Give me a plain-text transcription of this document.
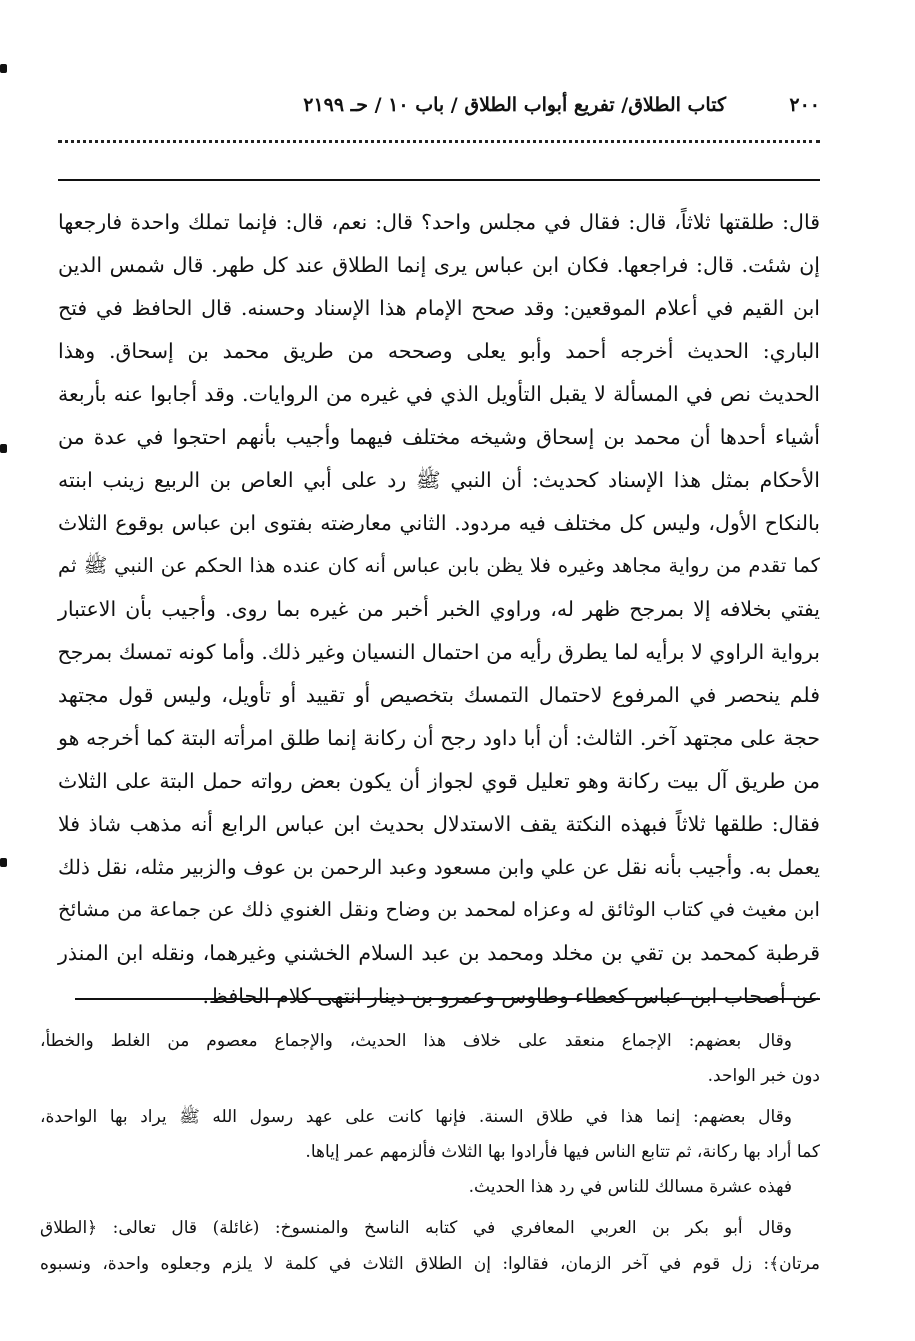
٢٠٠
كتاب الطلاق/ تفريع أبواب الطلاق / باب ١٠ / حـ ٢١٩٩
قال: طلقتها ثلاثاً، قال: فقال في مجلس واحد؟ قال: نعم، قال: فإنما تملك واحدة فارجعها
إن شئت. قال: فراجعها. فكان ابن عباس يرى إنما الطلاق عند كل طهر. قال شمس الدين
ابن القيم في أعلام الموقعين: وقد صحح الإمام هذا الإسناد وحسنه. قال الحافظ في فتح
الباري: الحديث أخرجه أحمد وأبو يعلى وصححه من طريق محمد بن إسحاق. وهذا
الحديث نص في المسألة لا يقبل التأويل الذي في غيره من الروايات. وقد أجابوا عنه بأربعة
أشياء أحدها أن محمد بن إسحاق وشيخه مختلف فيهما وأجيب بأنهم احتجوا في عدة من
الأحكام بمثل هذا الإسناد كحديث: أن النبي ﷺ رد على أبي العاص بن الربيع زينب ابنته
بالنكاح الأول، وليس كل مختلف فيه مردود. الثاني معارضته بفتوى ابن عباس بوقوع الثلاث
كما تقدم من رواية مجاهد وغيره فلا يظن بابن عباس أنه كان عنده هذا الحكم عن النبي ﷺ ثم
يفتي بخلافه إلا بمرجح ظهر له، وراوي الخبر أخبر من غيره بما روى. وأجيب بأن الاعتبار
برواية الراوي لا برأيه لما يطرق رأيه من احتمال النسيان وغير ذلك. وأما كونه تمسك بمرجح
فلم ينحصر في المرفوع لاحتمال التمسك بتخصيص أو تقييد أو تأويل، وليس قول مجتهد
حجة على مجتهد آخر. الثالث: أن أبا داود رجح أن ركانة إنما طلق امرأته البتة كما أخرجه هو
من طريق آل بيت ركانة وهو تعليل قوي لجواز أن يكون بعض رواته حمل البتة على الثلاث
فقال: طلقها ثلاثاً فبهذه النكتة يقف الاستدلال بحديث ابن عباس الرابع أنه مذهب شاذ فلا
يعمل به. وأجيب بأنه نقل عن علي وابن مسعود وعبد الرحمن بن عوف والزبير مثله، نقل ذلك
ابن مغيث في كتاب الوثائق له وعزاه لمحمد بن وضاح ونقل الغنوي ذلك عن جماعة من مشائخ
قرطبة كمحمد بن تقي بن مخلد ومحمد بن عبد السلام الخشني وغيرهما، ونقله ابن المنذر
عن أصحاب ابن عباس كعطاء وطاوس وعمرو بن دينار انتهى كلام الحافظ.
وقال بعضهم: الإجماع منعقد على خلاف هذا الحديث، والإجماع معصوم من الغلط والخطأ،
دون خبر الواحد.
وقال بعضهم: إنما هذا في طلاق السنة. فإنها كانت على عهد رسول الله ﷺ يراد بها الواحدة،
كما أراد بها ركانة، ثم تتابع الناس فيها فأرادوا بها الثلاث فألزمهم عمر إياها.
فهذه عشرة مسالك للناس في رد هذا الحديث.
وقال أبو بكر بن العربي المعافري في كتابه الناسخ والمنسوخ: (غائلة) قال تعالى: ﴿الطلاق
مرتان﴾: زل قوم في آخر الزمان، فقالوا: إن الطلاق الثلاث في كلمة لا يلزم وجعلوه واحدة، ونسبوه
